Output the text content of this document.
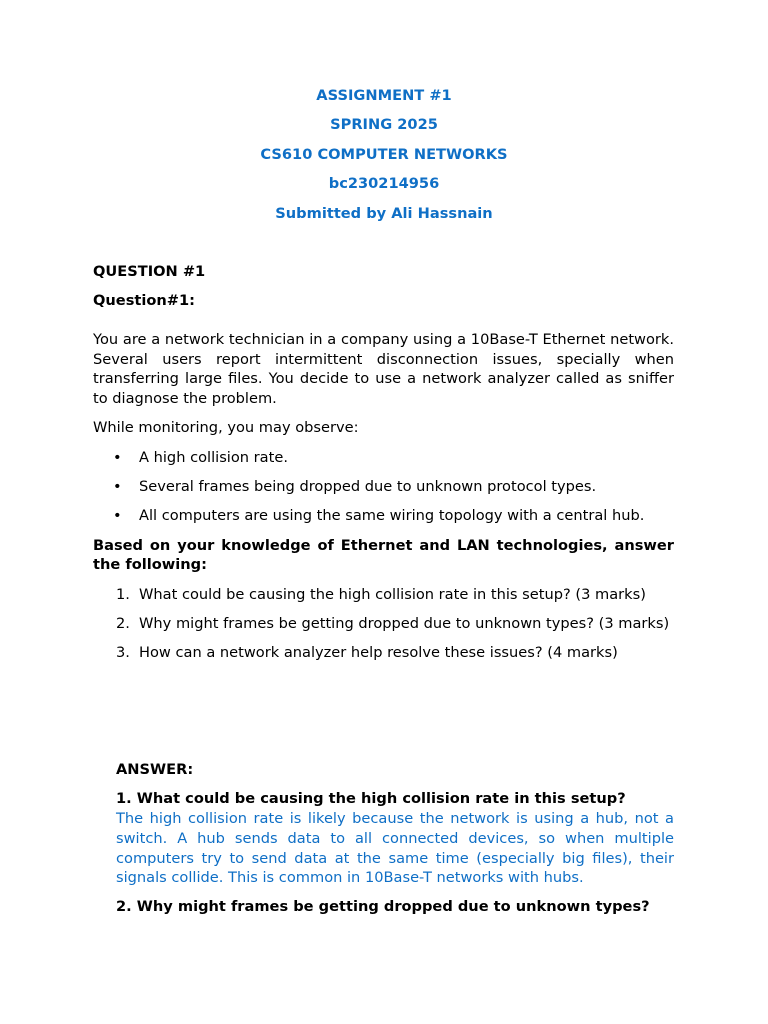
ASSIGNMENT #1
SPRING 2025
CS610 COMPUTER NETWORKS
bc230214956
Submitted by Ali Hassnain
QUESTION #1
Question#1:

You are a network technician in a company using a 10Base-T Ethernet network. Several users report intermittent disconnection issues, specially when transferring large files. You decide to use a network analyzer called as sniffer to diagnose the problem.

While monitoring, you may observe:

• A high collision rate.
• Several frames being dropped due to unknown protocol types.
• All computers are using the same wiring topology with a central hub.

Based on your knowledge of Ethernet and LAN technologies, answer the following:

1. What could be causing the high collision rate in this setup? (3 marks)
2. Why might frames be getting dropped due to unknown types? (3 marks)
3. How can a network analyzer help resolve these issues? (4 marks)
ANSWER:
1. What could be causing the high collision rate in this setup?

The high collision rate is likely because the network is using a hub, not a switch. A hub sends data to all connected devices, so when multiple computers try to send data at the same time (especially big files), their signals collide. This is common in 10Base-T networks with hubs.

2. Why might frames be getting dropped due to unknown types?
